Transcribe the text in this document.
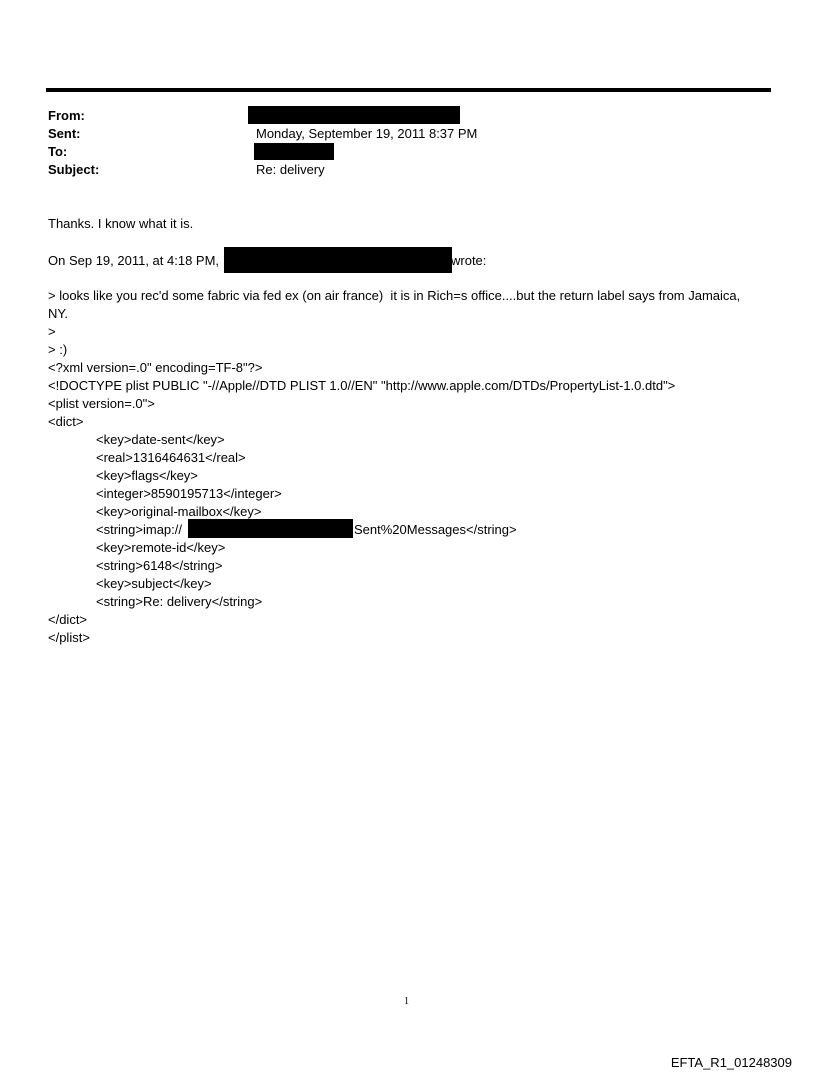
From:
Sent:	Monday, September 19, 2011 8:37 PM
To:
Subject:	Re: delivery
Thanks. I know what it is.
On Sep 19, 2011, at 4:18 PM,	wrote:
> looks like you rec'd some fabric via fed ex (on air france)  it is in Rich=s office....but the return label says from Jamaica,
NY.
>
> :)
<?xml version=.0" encoding=TF-8"?>
<!DOCTYPE plist PUBLIC "-//Apple//DTD PLIST 1.0//EN" "http://www.apple.com/DTDs/PropertyList-1.0.dtd">
<plist version=.0">
<dict>
<key>date-sent</key>
<real>1316464631</real>
<key>flags</key>
<integer>8590195713</integer>
<key>original-mailbox</key>
<string>imap://	Sent%20Messages</string>
<key>remote-id</key>
<string>6148</string>
<key>subject</key>
<string>Re: delivery</string>
</dict>
</plist>
1
EFTA_R1_01248309
